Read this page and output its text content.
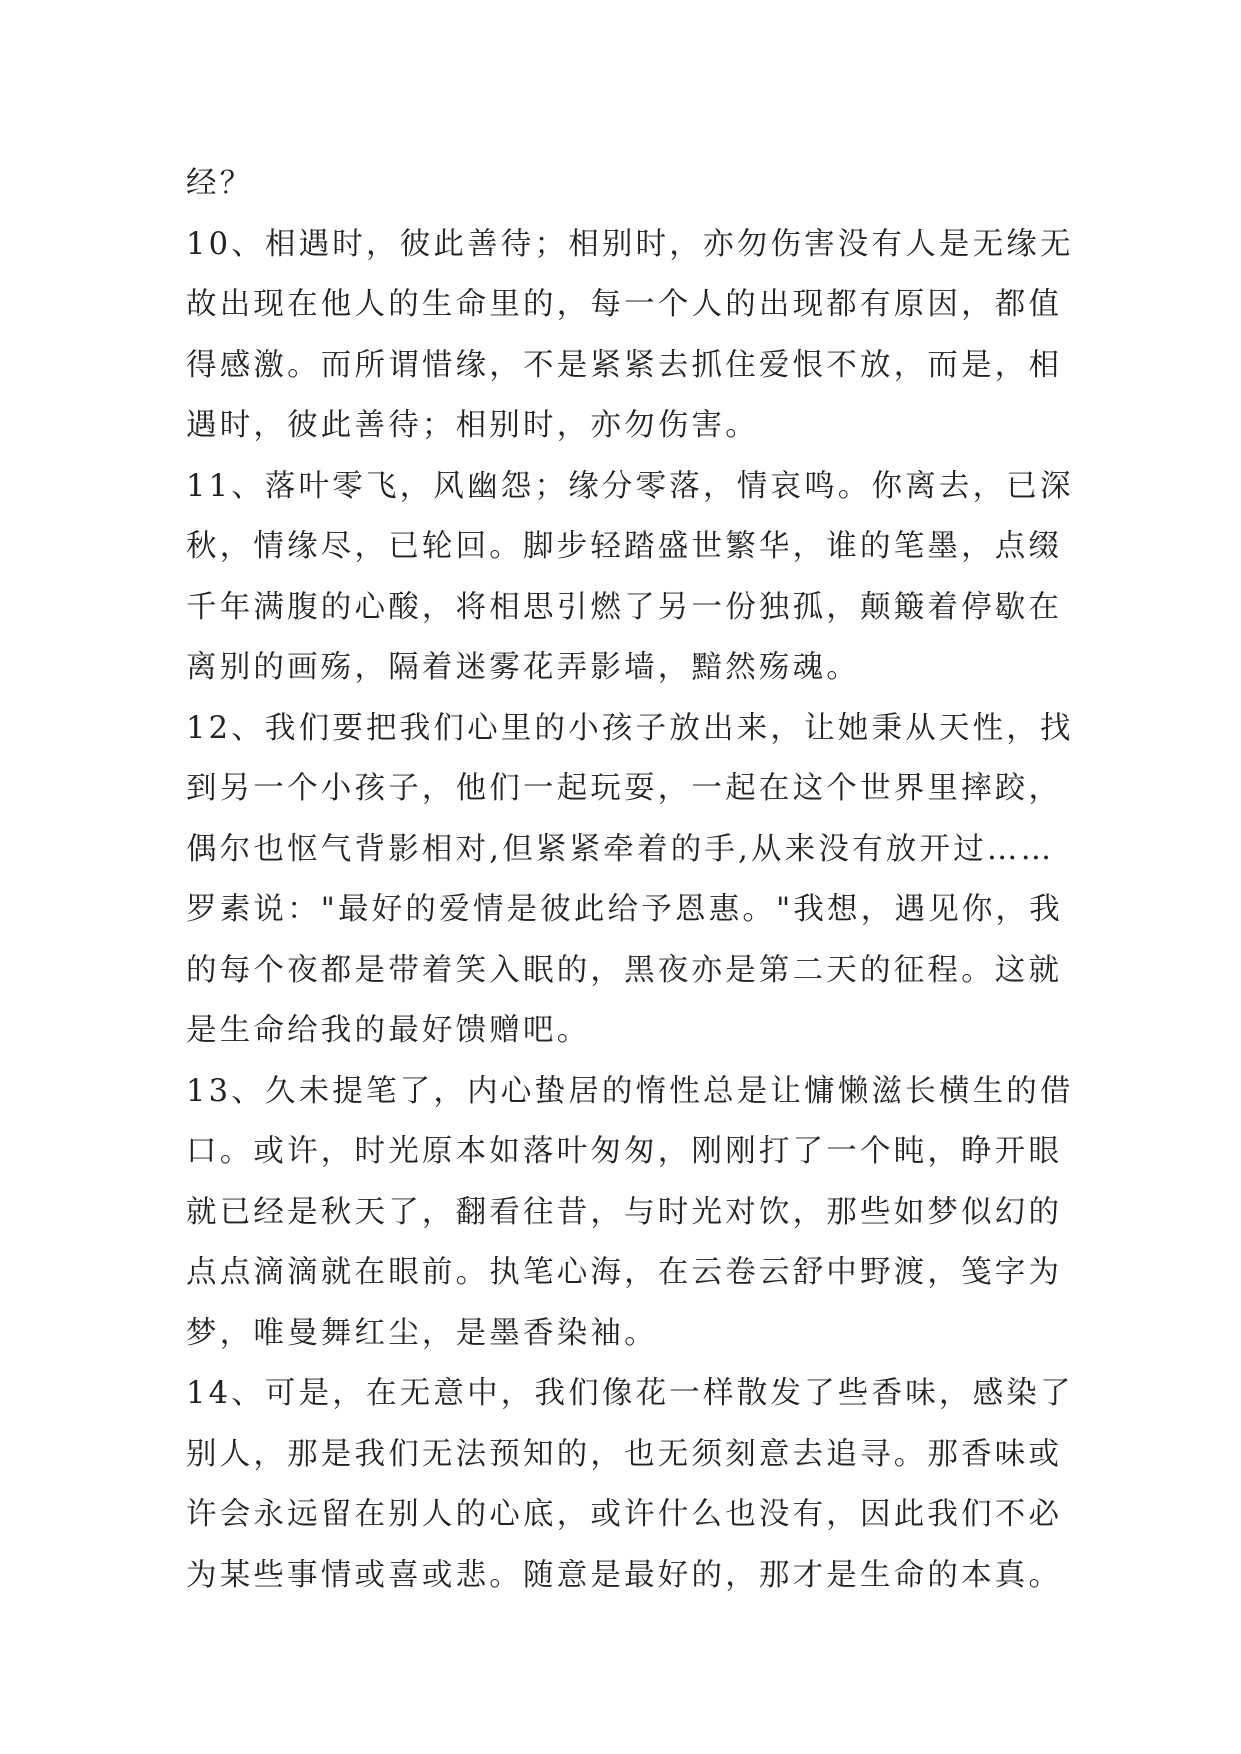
经？
10、相遇时，彼此善待；相别时，亦勿伤害没有人是无缘无
故出现在他人的生命里的，每一个人的出现都有原因，都值
得感激。而所谓惜缘，不是紧紧去抓住爱恨不放，而是，相
遇时，彼此善待；相别时，亦勿伤害。
11、落叶零飞，风幽怨；缘分零落，情哀鸣。你离去，已深
秋，情缘尽，已轮回。脚步轻踏盛世繁华，谁的笔墨，点缀
千年满腹的心酸，将相思引燃了另一份独孤，颠簸着停歇在
离别的画殇，隔着迷雾花弄影墙，黯然殇魂。
12、我们要把我们心里的小孩子放出来，让她秉从天性，找
到另一个小孩子，他们一起玩耍，一起在这个世界里摔跤，
偶尔也怄气背影相对,但紧紧牵着的手,从来没有放开过……
罗素说："最好的爱情是彼此给予恩惠。"我想，遇见你，我
的每个夜都是带着笑入眠的，黑夜亦是第二天的征程。这就
是生命给我的最好馈赠吧。
13、久未提笔了，内心蛰居的惰性总是让慵懒滋长横生的借
口。或许，时光原本如落叶匆匆，刚刚打了一个盹，睁开眼
就已经是秋天了，翻看往昔，与时光对饮，那些如梦似幻的
点点滴滴就在眼前。执笔心海，在云卷云舒中野渡，笺字为
梦，唯曼舞红尘，是墨香染袖。
14、可是，在无意中，我们像花一样散发了些香味，感染了
别人，那是我们无法预知的，也无须刻意去追寻。那香味或
许会永远留在别人的心底，或许什么也没有，因此我们不必
为某些事情或喜或悲。随意是最好的，那才是生命的本真。
